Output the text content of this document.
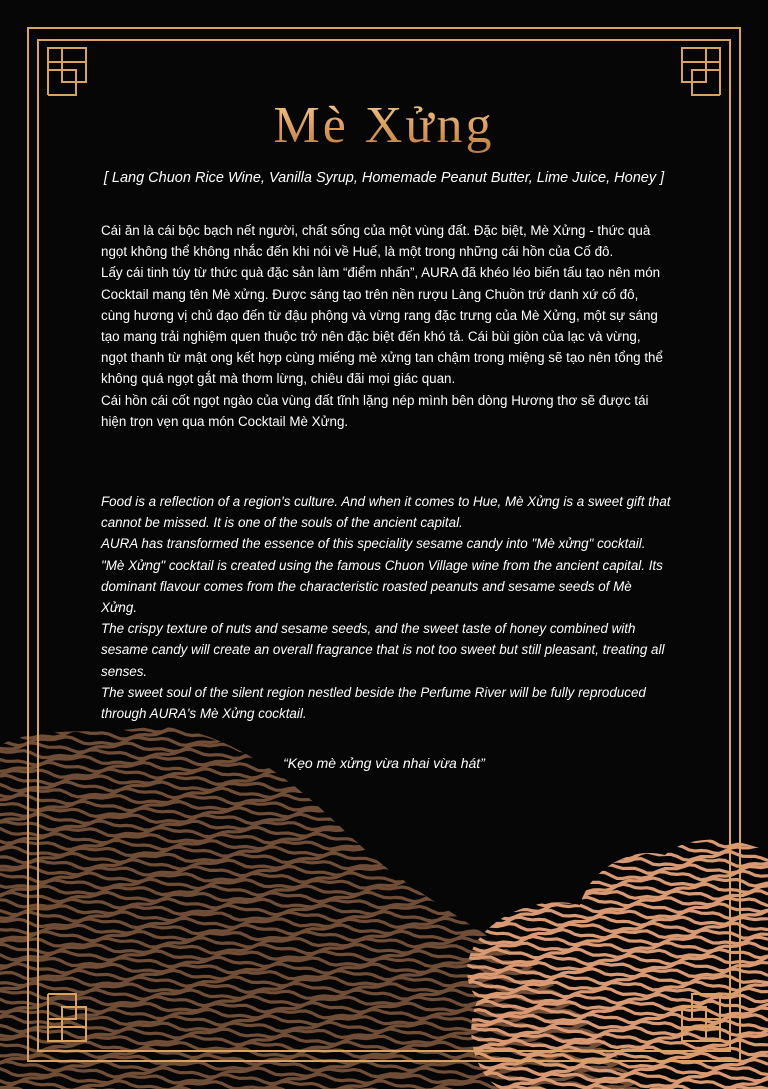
Mè Xửng
[ Lang Chuon Rice Wine, Vanilla Syrup, Homemade Peanut Butter, Lime Juice, Honey ]

Cái ăn là cái bộc bạch nết người, chất sống của một vùng đất. Đặc biệt, Mè Xửng - thức quà ngọt không thể không nhắc đến khi nói về Huế, là một trong những cái hồn của Cố đô.

Lấy cái tinh túy từ thức quà đặc sản làm “điểm nhấn”, AURA đã khéo léo biến tấu tạo nên món Cocktail mang tên Mè xửng. Được sáng tạo trên nền rượu Làng Chuồn trứ danh xứ cố đô, cùng hương vị chủ đạo đến từ đậu phộng và vừng rang đặc trưng của Mè Xửng, một sự sáng tạo mang trải nghiệm quen thuộc trở nên đặc biệt đến khó tả. Cái bùi giòn của lạc và vừng, ngọt thanh từ mật ong kết hợp cùng miếng mè xửng tan chậm trong miệng sẽ tạo nên tổng thể không quá ngọt gắt mà thơm lừng, chiêu đãi mọi giác quan.

Cái hồn cái cốt ngọt ngào của vùng đất tĩnh lặng nép mình bên dòng Hương thơ sẽ được tái hiện trọn vẹn qua món Cocktail Mè Xửng.

Food is a reflection of a region's culture. And when it comes to Hue, Mè Xửng is a sweet gift that cannot be missed. It is one of the souls of the ancient capital.

AURA has transformed the essence of this speciality sesame candy into "Mè xửng" cocktail. "Mè Xửng" cocktail is created using the famous Chuon Village wine from the ancient capital. Its dominant flavour comes from the characteristic roasted peanuts and sesame seeds of Mè Xửng.

The crispy texture of nuts and sesame seeds, and the sweet taste of honey combined with sesame candy will create an overall fragrance that is not too sweet but still pleasant, treating all senses.

The sweet soul of the silent region nestled beside the Perfume River will be fully reproduced through AURA's Mè Xửng cocktail.

“Kẹo mè xửng vừa nhai vừa hát”
